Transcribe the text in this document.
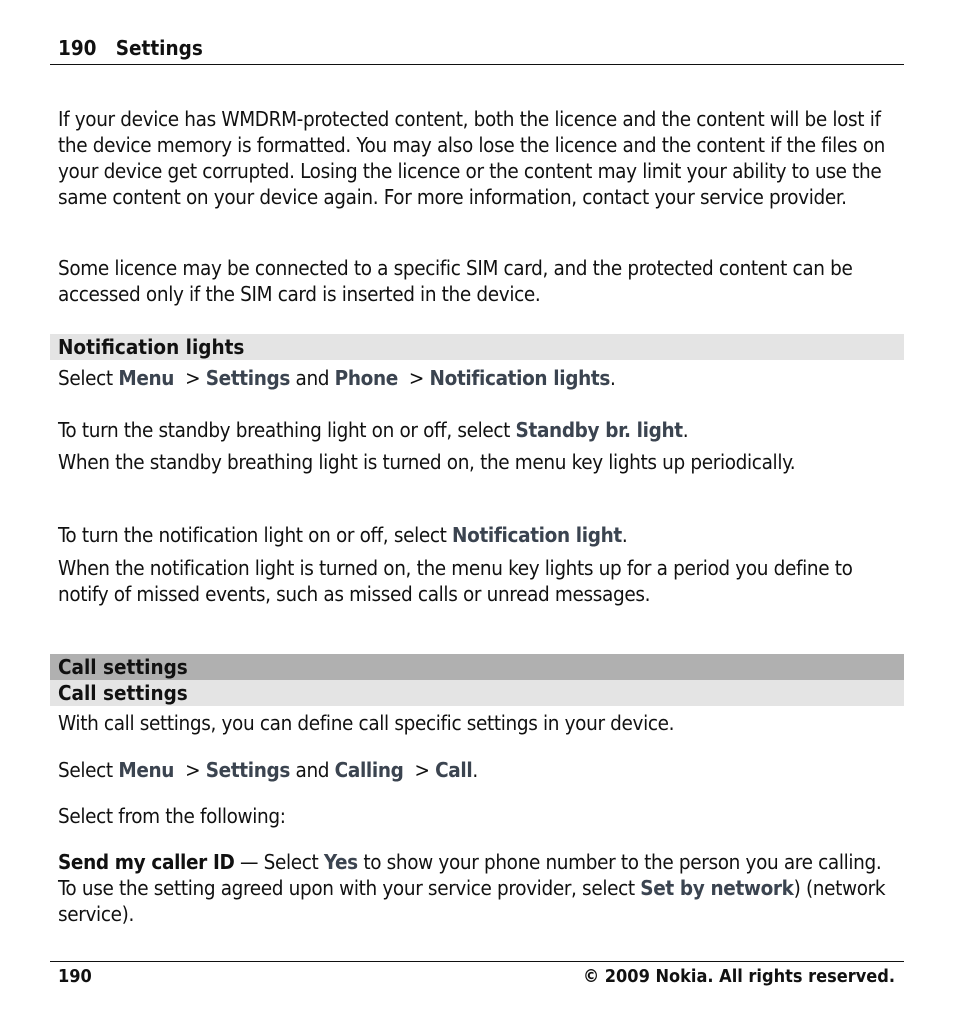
190 Settings

If your device has WMDRM-protected content, both the licence and the content will be lost if the device memory is formatted. You may also lose the licence and the content if the files on your device get corrupted. Losing the licence or the content may limit your ability to use the same content on your device again. For more information, contact your service provider.

Some licence may be connected to a specific SIM card, and the protected content can be accessed only if the SIM card is inserted in the device.

Notification lights

Select Menu > Settings and Phone > Notification lights.

To turn the standby breathing light on or off, select Standby br. light.

When the standby breathing light is turned on, the menu key lights up periodically.

To turn the notification light on or off, select Notification light.

When the notification light is turned on, the menu key lights up for a period you define to notify of missed events, such as missed calls or unread messages.

Call settings
Call settings

With call settings, you can define call specific settings in your device.

Select Menu > Settings and Calling > Call.

Select from the following:

Send my caller ID — Select Yes to show your phone number to the person you are calling. To use the setting agreed upon with your service provider, select Set by network) (network service).

190	© 2009 Nokia. All rights reserved.
